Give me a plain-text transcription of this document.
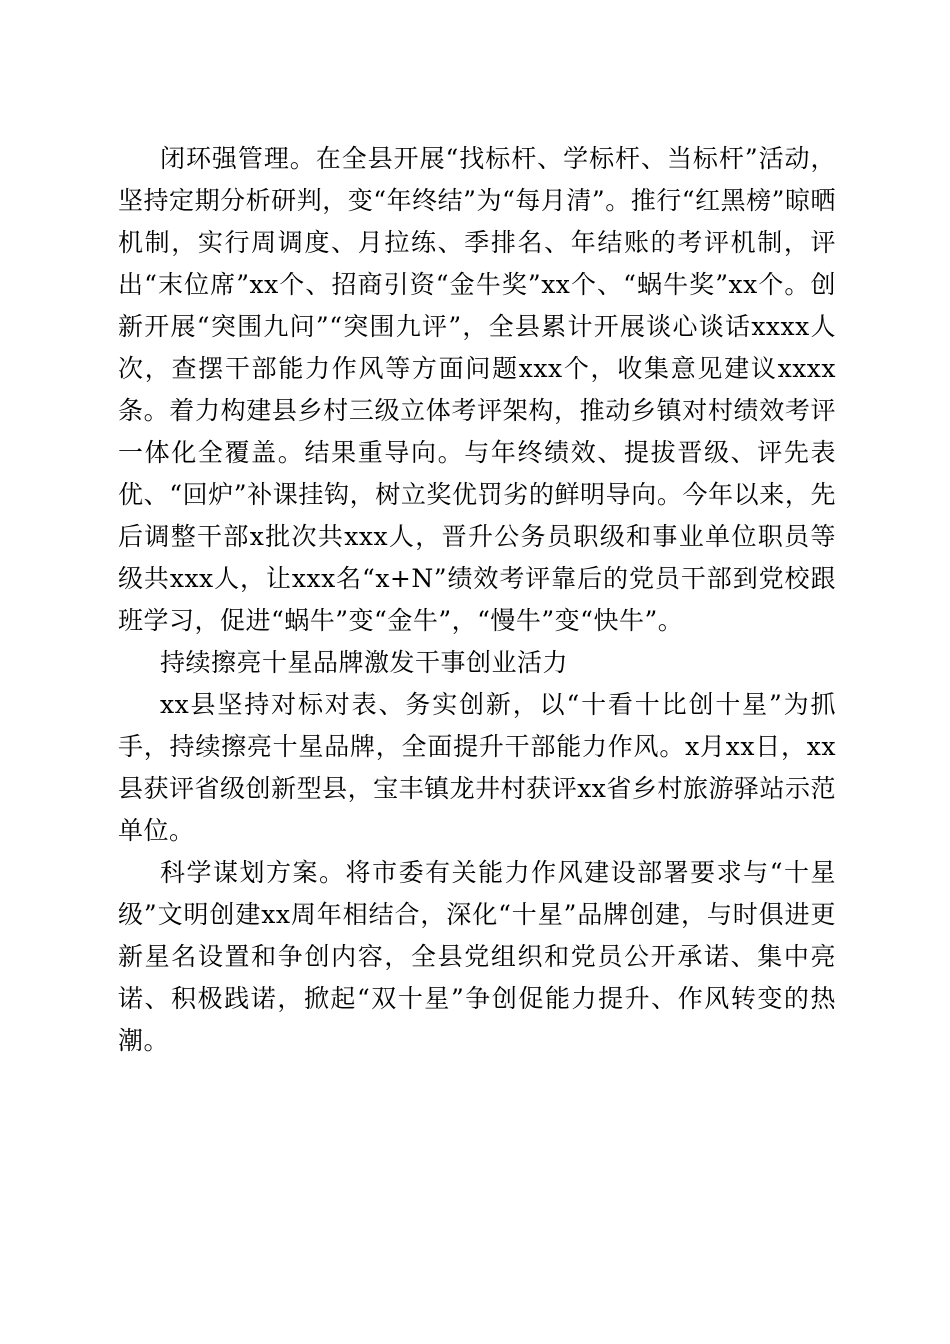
闭环强管理。在全县开展“找标杆、学标杆、当标杆”活动，坚持定期分析研判，变“年终结”为“每月清”。推行“红黑榜”晾晒机制，实行周调度、月拉练、季排名、年结账的考评机制，评出“末位席”xx个、招商引资“金牛奖”xx个、“蜗牛奖”xx个。创新开展“突围九问”“突围九评”，全县累计开展谈心谈话xxxx人次，查摆干部能力作风等方面问题xxx个，收集意见建议xxxx条。着力构建县乡村三级立体考评架构，推动乡镇对村绩效考评一体化全覆盖。结果重导向。与年终绩效、提拔晋级、评先表优、“回炉”补课挂钩，树立奖优罚劣的鲜明导向。今年以来，先后调整干部x批次共xxx人，晋升公务员职级和事业单位职员等级共xxx人，让xxx名“x+N”绩效考评靠后的党员干部到党校跟班学习，促进“蜗牛”变“金牛”，“慢牛”变“快牛”。

持续擦亮十星品牌激发干事创业活力

xx县坚持对标对表、务实创新，以“十看十比创十星”为抓手，持续擦亮十星品牌，全面提升干部能力作风。x月xx日，xx县获评省级创新型县，宝丰镇龙井村获评xx省乡村旅游驿站示范单位。

科学谋划方案。将市委有关能力作风建设部署要求与“十星级”文明创建xx周年相结合，深化“十星”品牌创建，与时俱进更新星名设置和争创内容，全县党组织和党员公开承诺、集中亮诺、积极践诺，掀起“双十星”争创促能力提升、作风转变的热潮。
